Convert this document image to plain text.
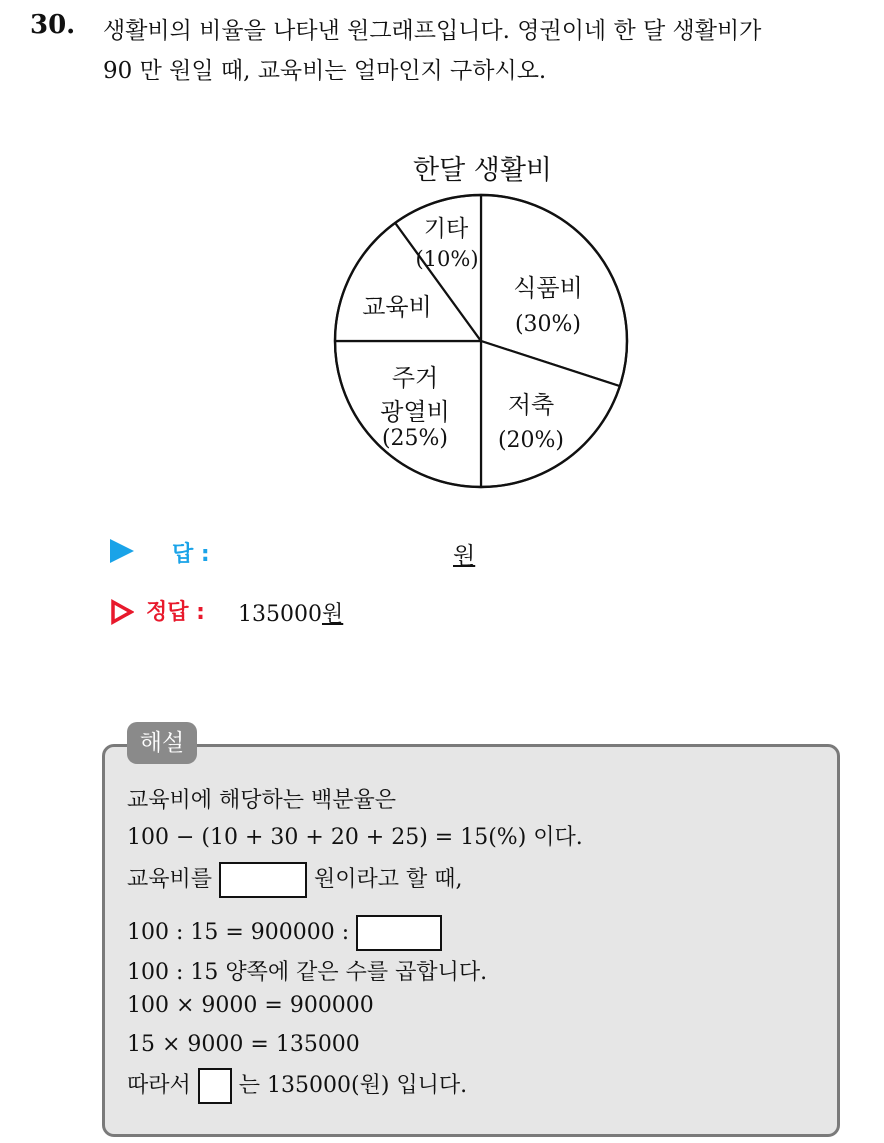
30. 생활비의 비율을 나타낸 원그래프입니다. 영권이네 한 달 생활비가
90 만 원일 때, 교육비는 얼마인지 구하시오.
한달 생활비
식품비
(30%)
저축
(20%)
주거
광열비
(25%)
교육비
기타
(10%)
답 :	원
정답 : 135000원
해설
교육비에 해당하는 백분율은
100 − (10 + 30 + 20 + 25) = 15(%) 이다.
교육비를	원이라고 할 때,
100 : 15 = 900000 :
100 : 15 양쪽에 같은 수를 곱합니다.
100 × 9000 = 900000
15 × 9000 = 135000
따라서 는 135000(원) 입니다.
